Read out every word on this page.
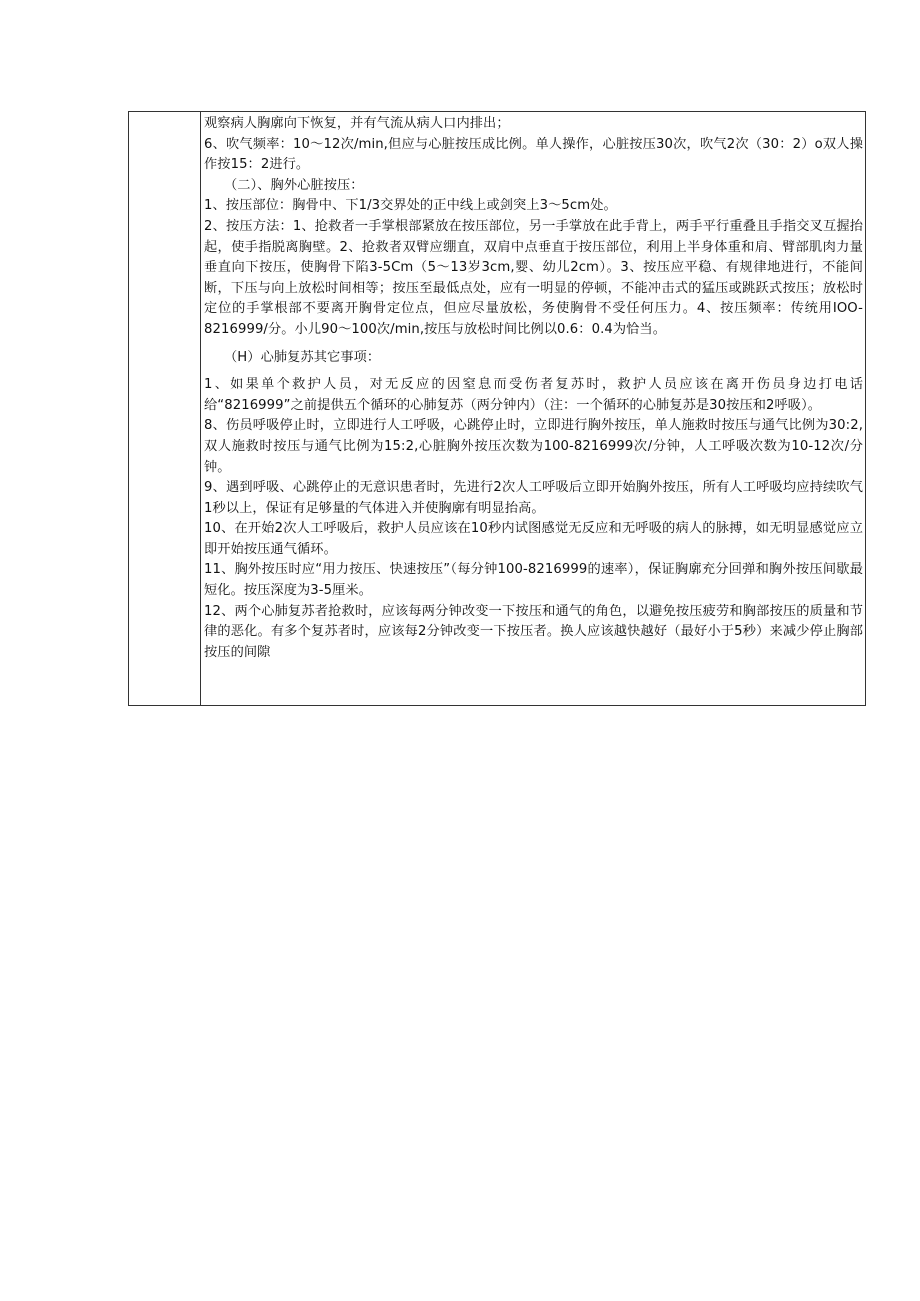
观察病人胸廓向下恢复，并有气流从病人口内排出；

6、吹气频率：10～12次/min,但应与心脏按压成比例。单人操作，心脏按压30次，吹气2次（30：2）o双人操作按15：2进行。

（二）、胸外心脏按压：

1、按压部位：胸骨中、下1/3交界处的正中线上或剑突上3～5cm处。

2、按压方法：1、抢救者一手掌根部紧放在按压部位，另一手掌放在此手背上，两手平行重叠且手指交叉互握抬起，使手指脱离胸壁。2、抢救者双臂应绷直，双肩中点垂直于按压部位，利用上半身体重和肩、臂部肌肉力量垂直向下按压，使胸骨下陷3-5Cm（5～13岁3cm,婴、幼儿2cm）。3、按压应平稳、有规律地进行，不能间断，下压与向上放松时间相等；按压至最低点处，应有一明显的停顿，不能冲击式的猛压或跳跃式按压；放松时定位的手掌根部不要离开胸骨定位点，但应尽量放松，务使胸骨不受任何压力。4、按压频率：传统用IOO-8216999/分。小儿90～100次/min,按压与放松时间比例以0.6：0.4为恰当。

（H）心肺复苏其它事项：

1、如果单个救护人员，对无反应的因窒息而受伤者复苏时，救护人员应该在离开伤员身边打电话给“8216999”之前提供五个循环的心肺复苏（两分钟内）（注：一个循环的心肺复苏是30按压和2呼吸）。

8、伤员呼吸停止时，立即进行人工呼吸，心跳停止时，立即进行胸外按压，单人施救时按压与通气比例为30:2,双人施救时按压与通气比例为15:2,心脏胸外按压次数为100-8216999次/分钟，人工呼吸次数为10-12次/分钟。

9、遇到呼吸、心跳停止的无意识患者时，先进行2次人工呼吸后立即开始胸外按压，所有人工呼吸均应持续吹气1秒以上，保证有足够量的气体进入并使胸廓有明显抬高。

10、在开始2次人工呼吸后，救护人员应该在10秒内试图感觉无反应和无呼吸的病人的脉搏，如无明显感觉应立即开始按压通气循环。

11、胸外按压时应“用力按压、快速按压”（每分钟100-8216999的速率），保证胸廓充分回弹和胸外按压间歇最短化。按压深度为3-5厘米。

12、两个心肺复苏者抢救时，应该每两分钟改变一下按压和通气的角色，以避免按压疲劳和胸部按压的质量和节律的恶化。有多个复苏者时，应该每2分钟改变一下按压者。换人应该越快越好（最好小于5秒）来减少停止胸部按压的间隙
